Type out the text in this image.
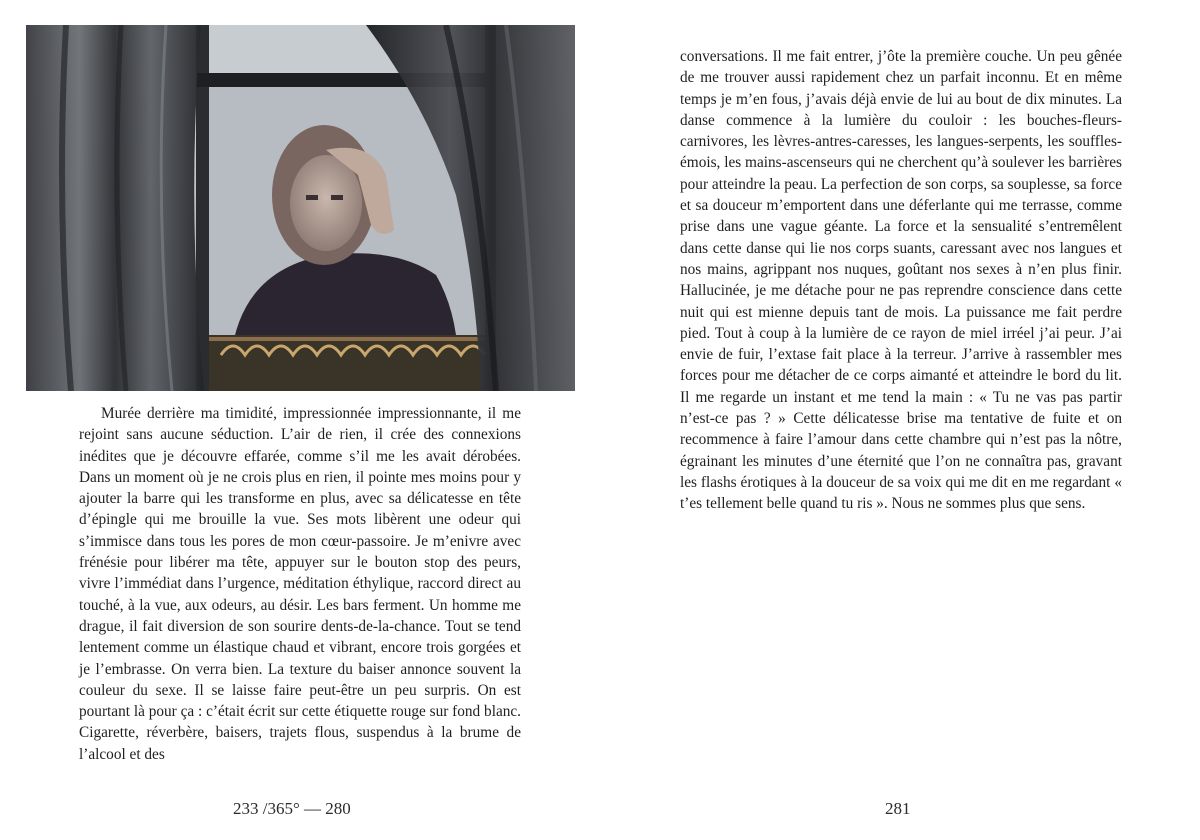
Murée derrière ma timidité, impressionnée impressionnante, il me rejoint sans aucune séduction. L’air de rien, il crée des connexions inédites que je découvre effarée, comme s’il me les avait dérobées. Dans un moment où je ne crois plus en rien, il pointe mes moins pour y ajouter la barre qui les transforme en plus, avec sa délicatesse en tête d’épingle qui me brouille la vue. Ses mots libèrent une odeur qui s’immisce dans tous les pores de mon cœur-passoire. Je m’enivre avec frénésie pour libérer ma tête, appuyer sur le bouton stop des peurs, vivre l’immédiat dans l’urgence, méditation éthylique, raccord direct au touché, à la vue, aux odeurs, au désir. Les bars ferment. Un homme me drague, il fait diversion de son sourire dents-de-la-chance. Tout se tend lentement comme un élastique chaud et vibrant, encore trois gorgées et je l’embrasse. On verra bien. La texture du baiser annonce souvent la couleur du sexe. Il se laisse faire peut-être un peu surpris. On est pourtant là pour ça : c’était écrit sur cette étiquette rouge sur fond blanc. Cigarette, réverbère, baisers, trajets flous, suspendus à la brume de l’alcool et des

233 /365° — 280

conversations. Il me fait entrer, j’ôte la première couche. Un peu gênée de me trouver aussi rapidement chez un parfait inconnu. Et en même temps je m’en fous, j’avais déjà envie de lui au bout de dix minutes. La danse commence à la lumière du couloir : les bouches-fleurs-carnivores, les lèvres-antres-caresses, les langues-serpents, les souffles-émois, les mains-ascenseurs qui ne cherchent qu’à soulever les barrières pour atteindre la peau. La perfection de son corps, sa souplesse, sa force et sa douceur m’emportent dans une déferlante qui me terrasse, comme prise dans une vague géante. La force et la sensualité s’entremêlent dans cette danse qui lie nos corps suants, caressant avec nos langues et nos mains, agrippant nos nuques, goûtant nos sexes à n’en plus finir. Hallucinée, je me détache pour ne pas reprendre conscience dans cette nuit qui est mienne depuis tant de mois. La puissance me fait perdre pied. Tout à coup à la lumière de ce rayon de miel irréel j’ai peur. J’ai envie de fuir, l’extase fait place à la terreur. J’arrive à rassembler mes forces pour me détacher de ce corps aimanté et atteindre le bord du lit. Il me regarde un instant et me tend la main : « Tu ne vas pas partir n’est-ce pas ? » Cette délicatesse brise ma tentative de fuite et on recommence à faire l’amour dans cette chambre qui n’est pas la nôtre, égrainant les minutes d’une éternité que l’on ne connaîtra pas, gravant les flashs érotiques à la douceur de sa voix qui me dit en me regardant « t’es tellement belle quand tu ris ». Nous ne sommes plus que sens.

281
